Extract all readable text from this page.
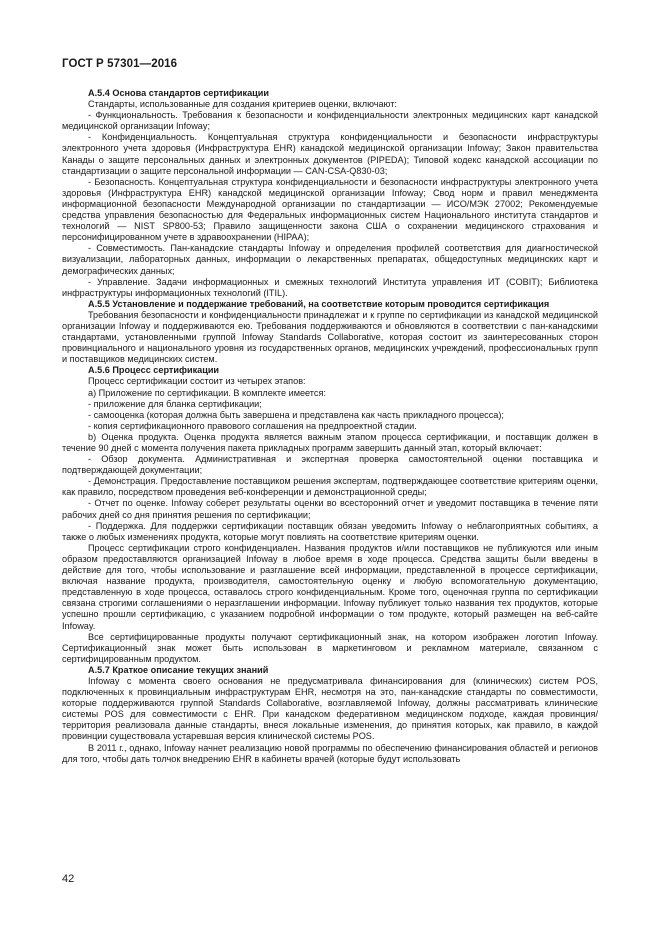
ГОСТ Р 57301—2016
А.5.4 Основа стандартов сертификации

Стандарты, использованные для создания критериев оценки, включают:

- Функциональность. Требования к безопасности и конфиденциальности электронных медицинских карт канадской медицинской организации Infoway;

- Конфиденциальность. Концептуальная структура конфиденциальности и безопасности инфраструктуры электронного учета здоровья (Инфраструктура EHR) канадской медицинской организации Infoway; Закон правительства Канады о защите персональных данных и электронных документов (PIPEDA); Типовой кодекс канадской ассоциации по стандартизации о защите персональной информации — CAN-CSA-Q830-03;

- Безопасность. Концептуальная структура конфиденциальности и безопасности инфраструктуры электронного учета здоровья (Инфраструктура EHR) канадской медицинской организации Infoway; Свод норм и правил менеджмента информационной безопасности Международной организации по стандартизации — ИСО/МЭК 27002; Рекомендуемые средства управления безопасностью для Федеральных информационных систем Национального института стандартов и технологий — NIST SP800-53; Правило защищенности закона США о сохранении медицинского страхования и персонифицированном учете в здравоохранении (HIPAA);

- Совместимость. Пан-канадские стандарты Infoway и определения профилей соответствия для диагностической визуализации, лабораторных данных, информации о лекарственных препаратах, общедоступных медицинских карт и демографических данных;

- Управление. Задачи информационных и смежных технологий Института управления ИТ (COBIT); Библиотека инфраструктуры информационных технологий (ITIL).

А.5.5 Установление и поддержание требований, на соответствие которым проводится сертификация

Требования безопасности и конфиденциальности принадлежат и к группе по сертификации из канадской медицинской организации Infoway и поддерживаются ею. Требования поддерживаются и обновляются в соответствии с пан-канадскими стандартами, установленными группой Infoway Standards Collaborative, которая состоит из заинтересованных сторон провинциального и национального уровня из государственных органов, медицинских учреждений, профессиональных групп и поставщиков медицинских систем.

А.5.6 Процесс сертификации

Процесс сертификации состоит из четырех этапов:

а) Приложение по сертификации. В комплекте имеется:

- приложение для бланка сертификации;

- самооценка (которая должна быть завершена и представлена как часть прикладного процесса);

- копия сертификационного правового соглашения на предпроектной стадии.

b) Оценка продукта. Оценка продукта является важным этапом процесса сертификации, и поставщик должен в течение 90 дней с момента получения пакета прикладных программ завершить данный этап, который включает:

- Обзор документа. Административная и экспертная проверка самостоятельной оценки поставщика и подтверждающей документации;

- Демонстрация. Предоставление поставщиком решения экспертам, подтверждающее соответствие критериям оценки, как правило, посредством проведения веб-конференции и демонстрационной среды;

- Отчет по оценке. Infoway соберет результаты оценки во всесторонний отчет и уведомит поставщика в течение пяти рабочих дней со дня принятия решения по сертификации;

- Поддержка. Для поддержки сертификации поставщик обязан уведомить Infoway о неблагоприятных событиях, а также о любых изменениях продукта, которые могут повлиять на соответствие критериям оценки.

Процесс сертификации строго конфиденциален. Названия продуктов и/или поставщиков не публикуются или иным образом предоставляются организацией Infoway в любое время в ходе процесса. Средства защиты были введены в действие для того, чтобы использование и разглашение всей информации, представленной в процессе сертификации, включая название продукта, производителя, самостоятельную оценку и любую вспомогательную документацию, представленную в ходе процесса, оставалось строго конфиденциальным. Кроме того, оценочная группа по сертификации связана строгими соглашениями о неразглашении информации. Infoway публикует только названия тех продуктов, которые успешно прошли сертификацию, с указанием подробной информации о том продукте, который размещен на веб-сайте Infoway.

Все сертифицированные продукты получают сертификационный знак, на котором изображен логотип Infoway. Сертификационный знак может быть использован в маркетинговом и рекламном материале, связанном с сертифицированным продуктом.

А.5.7 Краткое описание текущих знаний

Infoway с момента своего основания не предусматривала финансирования для (клинических) систем POS, подключенных к провинциальным инфраструктурам EHR, несмотря на это, пан-канадские стандарты по совместимости, которые поддерживаются группой Standards Collaborative, возглавляемой Infoway, должны рассматривать клинические системы POS для совместимости с EHR. При канадском федеративном медицинском подходе, каждая провинция/территория реализовала данные стандарты, внеся локальные изменения, до принятия которых, как правило, в каждой провинции существовала устаревшая версия клинической системы POS.

В 2011 г., однако, Infoway начнет реализацию новой программы по обеспечению финансирования областей и регионов для того, чтобы дать толчок внедрению EHR в кабинеты врачей (которые будут использовать

42
